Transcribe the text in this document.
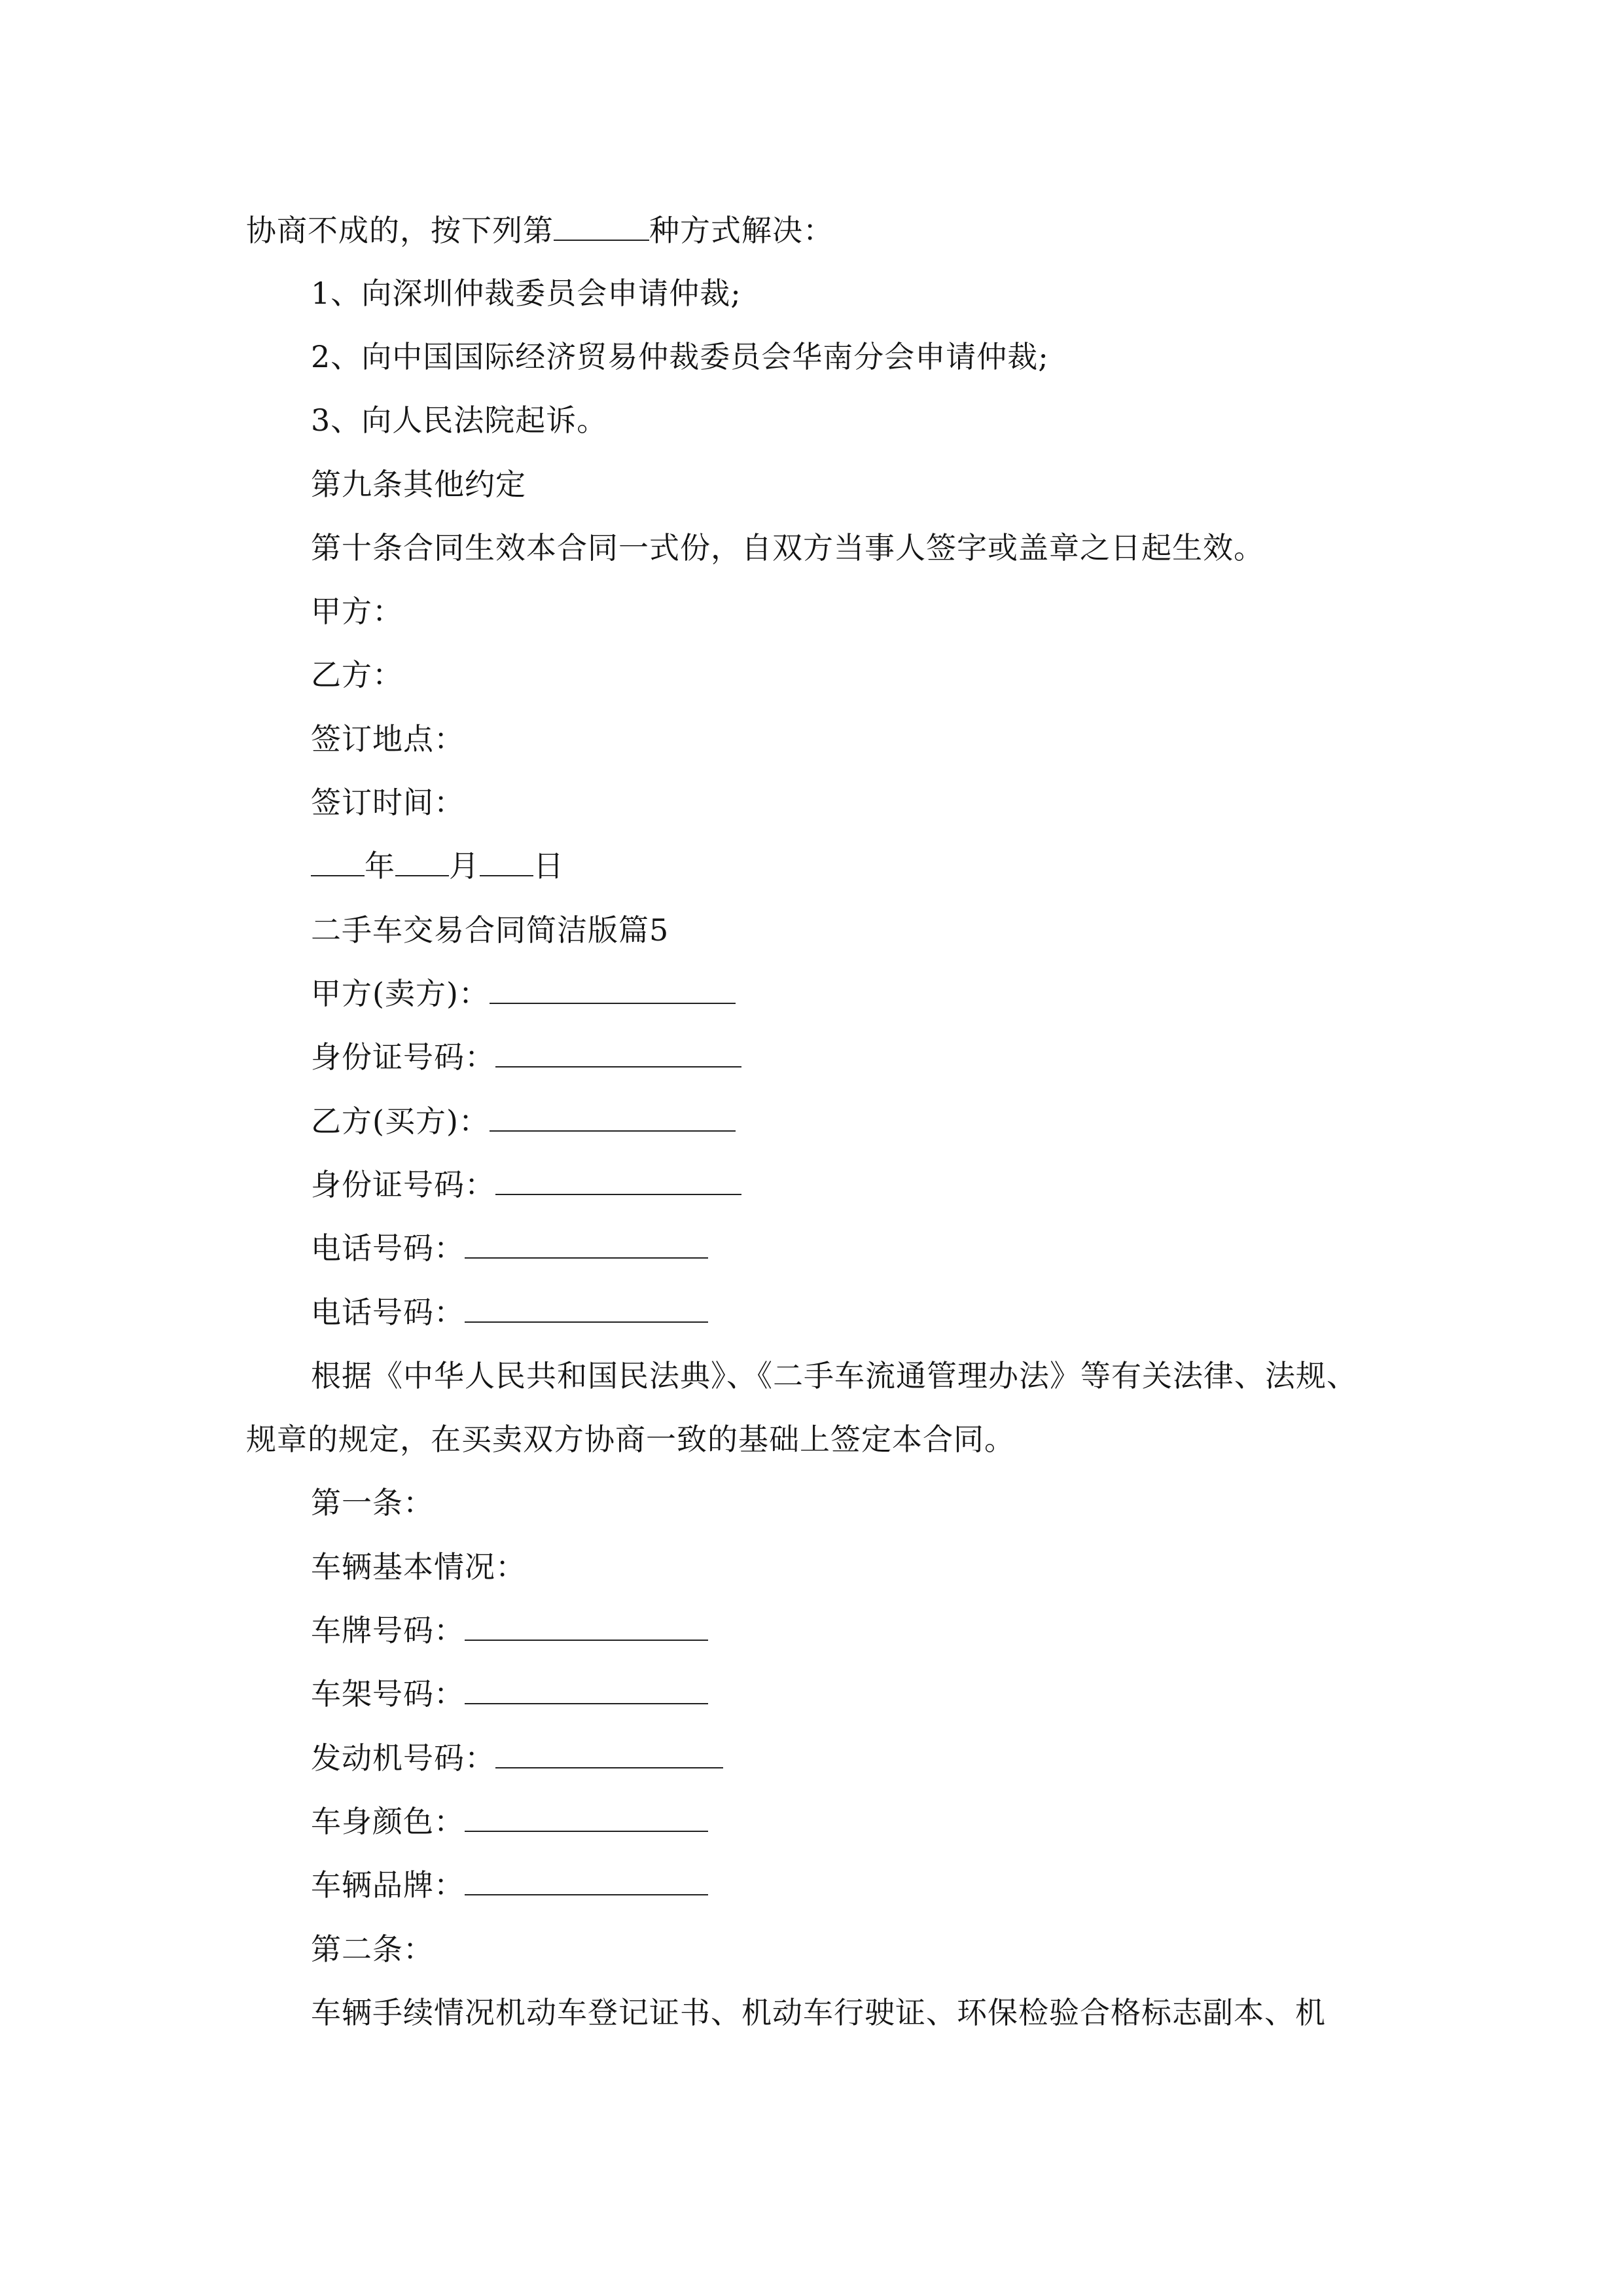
协商不成的，按下列第	种方式解决：
1、向深圳仲裁委员会申请仲裁;
2、向中国国际经济贸易仲裁委员会华南分会申请仲裁;
3、向人民法院起诉。
第九条其他约定
第十条合同生效本合同一式份，自双方当事人签字或盖章之日起生效。
甲方：
乙方：
签订地点：
签订时间：
年 月 日
二手车交易合同简洁版篇5
甲方(卖方)：
身份证号码：
乙方(买方)：
身份证号码：
电话号码：
电话号码：
根据《中华人民共和国民法典》、《二手车流通管理办法》等有关法律、法规、
规章的规定，在买卖双方协商一致的基础上签定本合同。
第一条：
车辆基本情况：
车牌号码：
车架号码：
发动机号码：
车身颜色：
车辆品牌：
第二条：
车辆手续情况机动车登记证书、机动车行驶证、环保检验合格标志副本、机
